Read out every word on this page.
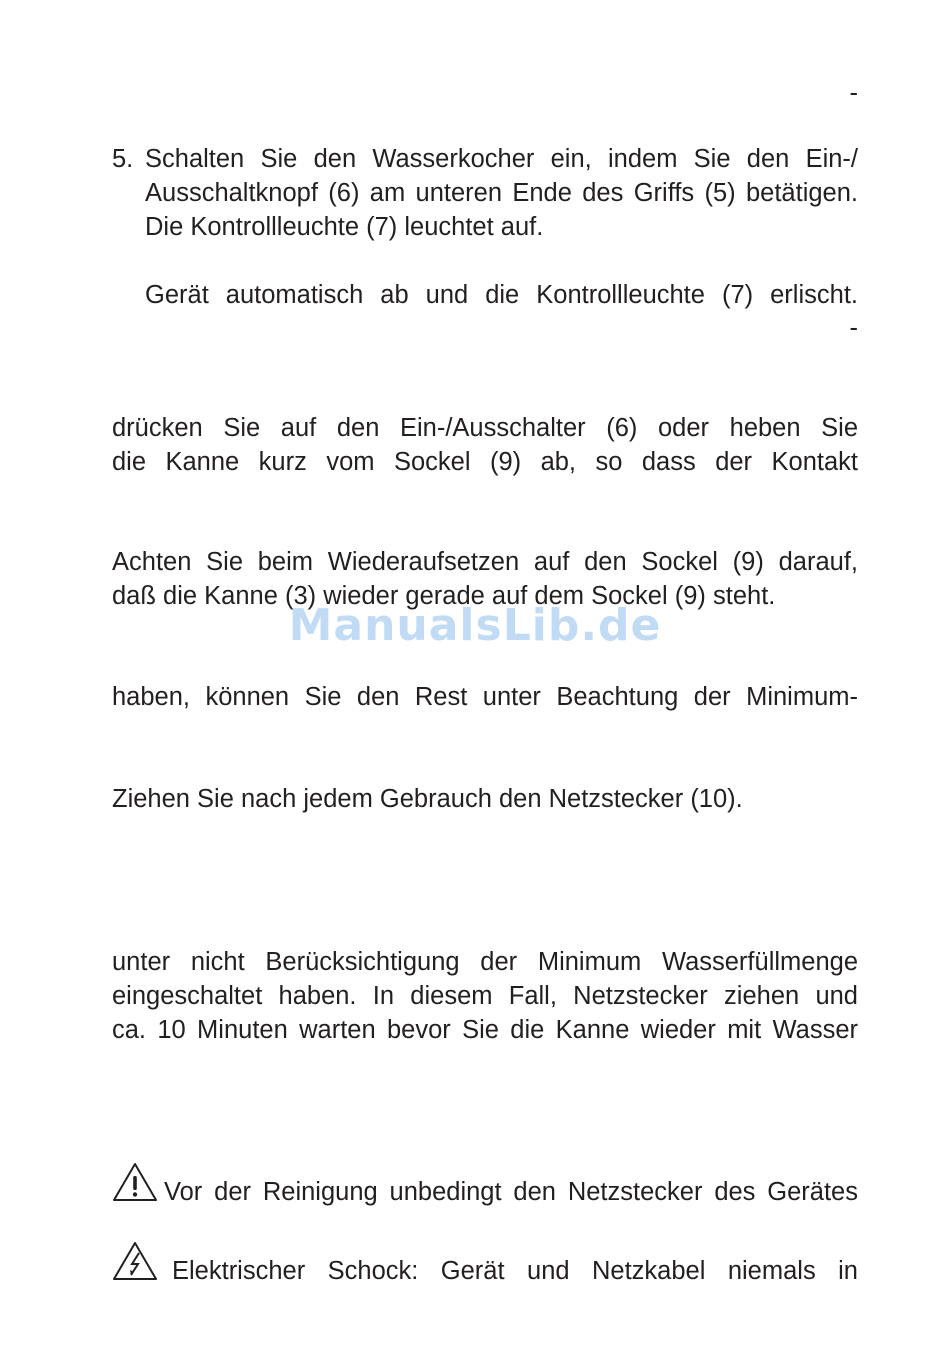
-
5. Schalten Sie den Wasserkocher ein, indem Sie den Ein-/
Ausschaltknopf (6) am unteren Ende des Griffs (5) betätigen.
Die Kontrollleuchte (7) leuchtet auf.
Gerät automatisch ab und die Kontrollleuchte (7) erlischt.
-
drücken Sie auf den Ein-/Ausschalter (6) oder heben Sie
die Kanne kurz vom Sockel (9) ab, so dass der Kontakt
Achten Sie beim Wiederaufsetzen auf den Sockel (9) darauf,
daß die Kanne (3) wieder gerade auf dem Sockel (9) steht.
ManualsLib.de
haben, können Sie den Rest unter Beachtung der Minimum-
Ziehen Sie nach jedem Gebrauch den Netzstecker (10).
unter nicht Berücksichtigung der Minimum Wasserfüllmenge
eingeschaltet haben. In diesem Fall, Netzstecker ziehen und
ca. 10 Minuten warten bevor Sie die Kanne wieder mit Wasser
Vor der Reinigung unbedingt den Netzstecker des Gerätes
Elektrischer Schock: Gerät und Netzkabel niemals in
